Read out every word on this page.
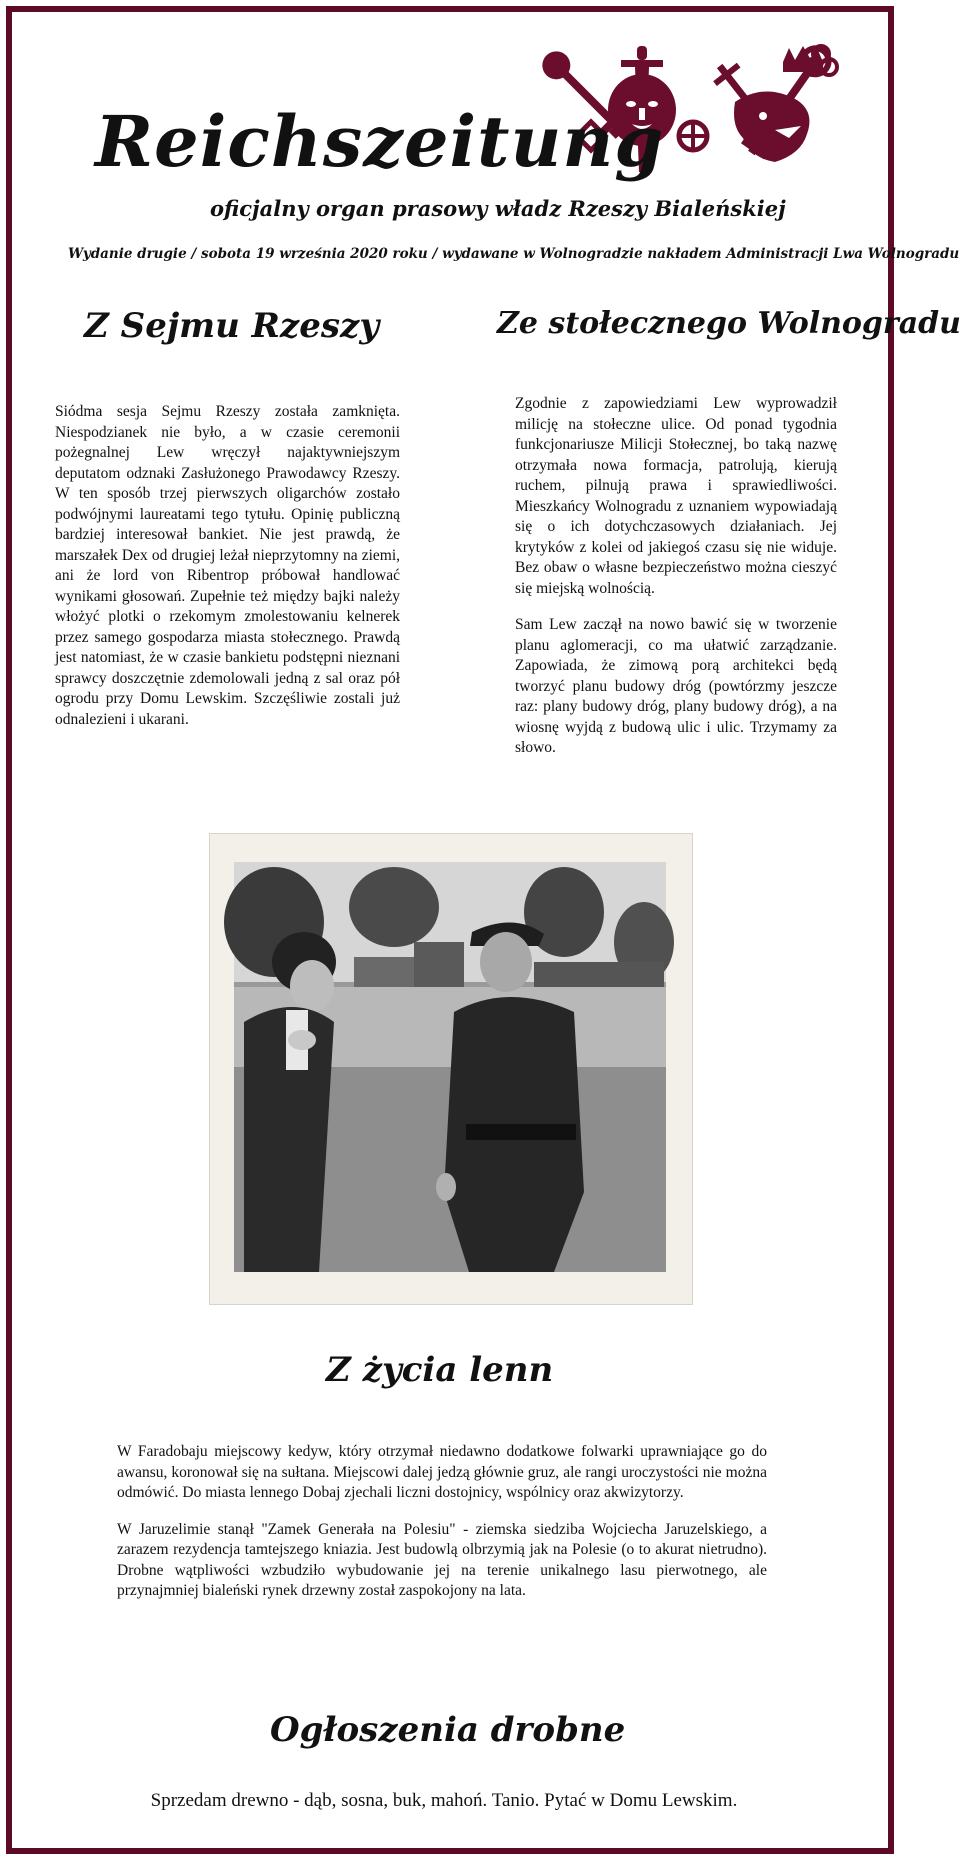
Reichszeitung
oficjalny organ prasowy władz Rzeszy Bialeńskiej
Wydanie drugie / sobota 19 września 2020 roku / wydawane w Wolnogradzie nakładem Administracji Lwa Wolnogradu
Z Sejmu Rzeszy

Siódma sesja Sejmu Rzeszy została zamknięta. Niespodzianek nie było, a w czasie ceremonii pożegnalnej Lew wręczył najaktywniejszym deputatom odznaki Zasłużonego Prawodawcy Rzeszy. W ten sposób trzej pierwszych oligarchów zostało podwójnymi laureatami tego tytułu. Opinię publiczną bardziej interesował bankiet. Nie jest prawdą, że marszałek Dex od drugiej leżał nieprzytomny na ziemi, ani że lord von Ribentrop próbował handlować wynikami głosowań. Zupełnie też między bajki należy włożyć plotki o rzekomym zmolestowaniu kelnerek przez samego gospodarza miasta stołecznego. Prawdą jest natomiast, że w czasie bankietu podstępni nieznani sprawcy doszczętnie zdemolowali jedną z sal oraz pół ogrodu przy Domu Lewskim. Szczęśliwie zostali już odnalezieni i ukarani.

Ze stołecznego Wolnogradu

Zgodnie z zapowiedziami Lew wyprowadził milicję na stołeczne ulice. Od ponad tygodnia funkcjonariusze Milicji Stołecznej, bo taką nazwę otrzymała nowa formacja, patrolują, kierują ruchem, pilnują prawa i sprawiedliwości. Mieszkańcy Wolnogradu z uznaniem wypowiadają się o ich dotychczasowych działaniach. Jej krytyków z kolei od jakiegoś czasu się nie widuje. Bez obaw o własne bezpieczeństwo można cieszyć się miejską wolnością.

Sam Lew zaczął na nowo bawić się w tworzenie planu aglomeracji, co ma ułatwić zarządzanie. Zapowiada, że zimową porą architekci będą tworzyć planu budowy dróg (powtórzmy jeszcze raz: plany budowy dróg, plany budowy dróg), a na wiosnę wyjdą z budową ulic i ulic. Trzymamy za słowo.

Z życia lenn

W Faradobaju miejscowy kedyw, który otrzymał niedawno dodatkowe folwarki uprawniające go do awansu, koronował się na sułtana. Miejscowi dalej jedzą głównie gruz, ale rangi uroczystości nie można odmówić. Do miasta lennego Dobaj zjechali liczni dostojnicy, wspólnicy oraz akwizytorzy.

W Jaruzelimie stanął "Zamek Generała na Polesiu" - ziemska siedziba Wojciecha Jaruzelskiego, a zarazem rezydencja tamtejszego kniazia. Jest budowlą olbrzymią jak na Polesie (o to akurat nietrudno). Drobne wątpliwości wzbudziło wybudowanie jej na terenie unikalnego lasu pierwotnego, ale przynajmniej bialeński rynek drzewny został zaspokojony na lata.

Ogłoszenia drobne
Sprzedam drewno - dąb, sosna, buk, mahoń. Tanio. Pytać w Domu Lewskim.
